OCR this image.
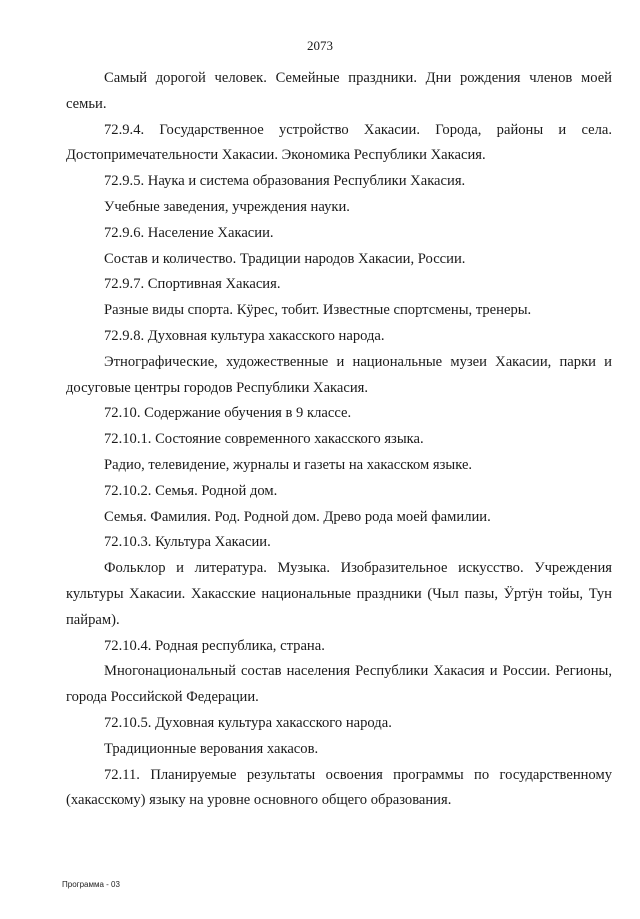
2073

Самый дорогой человек. Семейные праздники. Дни рождения членов моей семьи.

72.9.4. Государственное устройство Хакасии. Города, районы и села. Достопримечательности Хакасии. Экономика Республики Хакасия.

72.9.5. Наука и система образования Республики Хакасия.

Учебные заведения, учреждения науки.

72.9.6. Население Хакасии.

Состав и количество. Традиции народов Хакасии, России.

72.9.7. Спортивная Хакасия.

Разные виды спорта. Кӱрес, тобит. Известные спортсмены, тренеры.

72.9.8. Духовная культура хакасского народа.

Этнографические, художественные и национальные музеи Хакасии, парки и досуговые центры городов Республики Хакасия.

72.10. Содержание обучения в 9 классе.

72.10.1. Состояние современного хакасского языка.

Радио, телевидение, журналы и газеты на хакасском языке.

72.10.2. Семья. Родной дом.

Семья. Фамилия. Род. Родной дом. Древо рода моей фамилии.

72.10.3. Культура Хакасии.

Фольклор и литература. Музыка. Изобразительное искусство. Учреждения культуры Хакасии. Хакасские национальные праздники (Чыл пазы, Ӱртӱн тойы, Тун пайрам).

72.10.4. Родная республика, страна.

Многонациональный состав населения Республики Хакасия и России. Регионы, города Российской Федерации.

72.10.5. Духовная культура хакасского народа.

Традиционные верования хакасов.

72.11. Планируемые результаты освоения программы по государственному (хакасскому) языку на уровне основного общего образования.

Программа - 03
